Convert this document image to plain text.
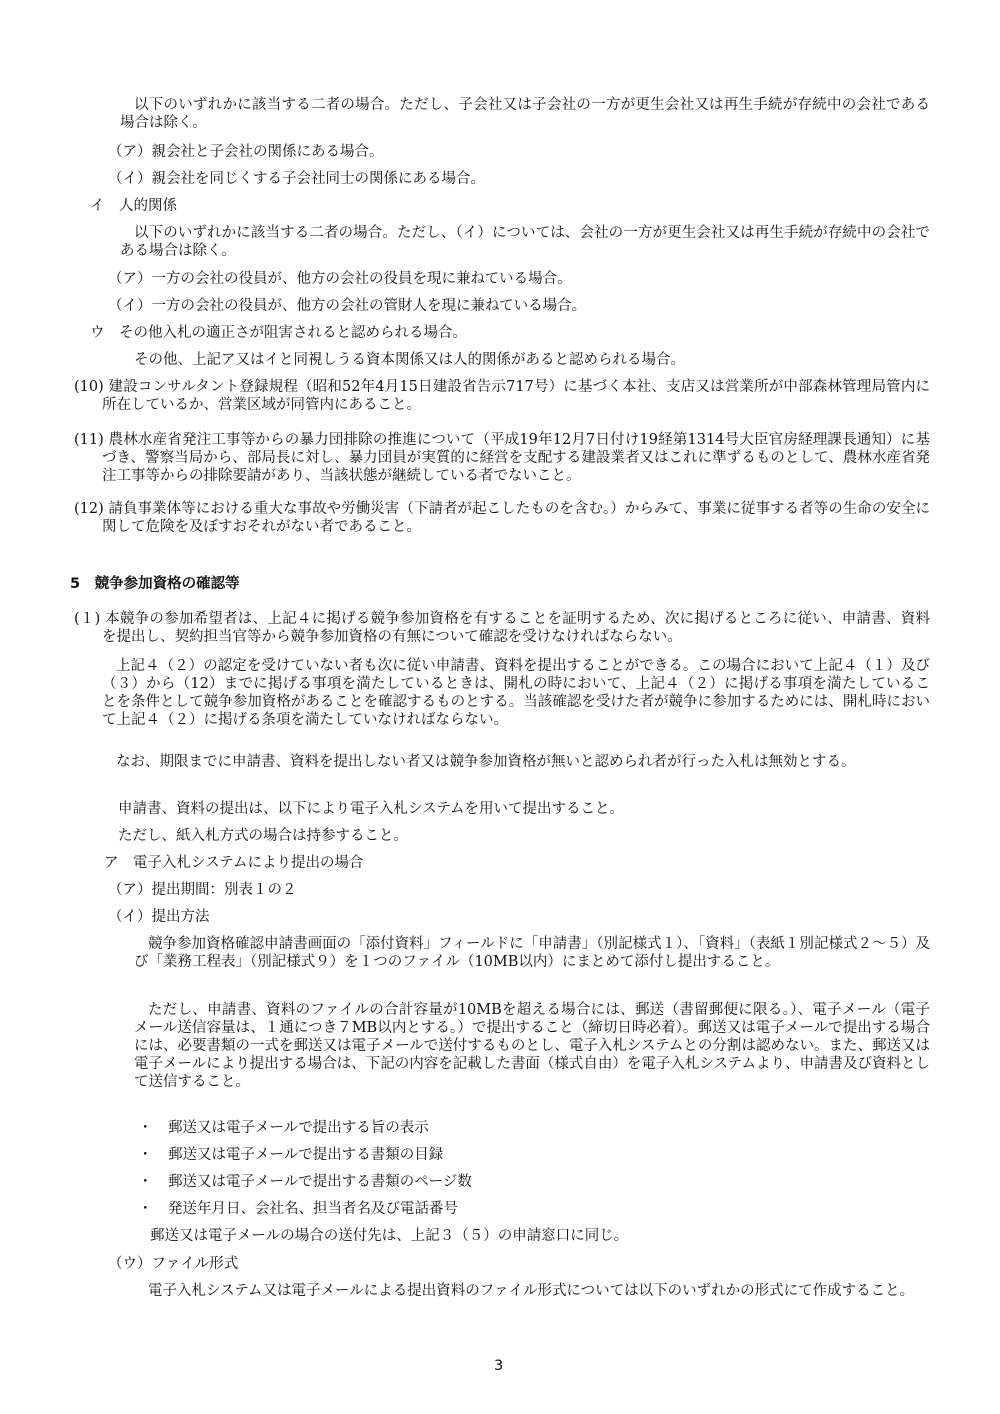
以下のいずれかに該当する二者の場合。ただし、子会社又は子会社の一方が更生会社又は再生手続が存続中の会社である場合は除く。

（ア）親会社と子会社の関係にある場合。

（イ）親会社を同じくする子会社同士の関係にある場合。

イ　人的関係

以下のいずれかに該当する二者の場合。ただし、（イ）については、会社の一方が更生会社又は再生手続が存続中の会社である場合は除く。

（ア）一方の会社の役員が、他方の会社の役員を現に兼ねている場合。

（イ）一方の会社の役員が、他方の会社の管財人を現に兼ねている場合。

ウ　その他入札の適正さが阻害されると認められる場合。

その他、上記ア又はイと同視しうる資本関係又は人的関係があると認められる場合。

(10) 建設コンサルタント登録規程（昭和52年4月15日建設省告示717号）に基づく本社、支店又は営業所が中部森林管理局管内に所在しているか、営業区域が同管内にあること。

(11) 農林水産省発注工事等からの暴力団排除の推進について（平成19年12月7日付け19経第1314号大臣官房経理課長通知）に基づき、警察当局から、部局長に対し、暴力団員が実質的に経営を支配する建設業者又はこれに準ずるものとして、農林水産省発注工事等からの排除要請があり、当該状態が継続している者でないこと。

(12) 請負事業体等における重大な事故や労働災害（下請者が起こしたものを含む。）からみて、事業に従事する者等の生命の安全に関して危険を及ぼすおそれがない者であること。

5　競争参加資格の確認等

(１) 本競争の参加希望者は、上記４に掲げる競争参加資格を有することを証明するため、次に掲げるところに従い、申請書、資料を提出し、契約担当官等から競争参加資格の有無について確認を受けなければならない。

上記４（２）の認定を受けていない者も次に従い申請書、資料を提出することができる。この場合において上記４（１）及び（３）から（12）までに掲げる事項を満たしているときは、開札の時において、上記４（２）に掲げる事項を満たしていることを条件として競争参加資格があることを確認するものとする。当該確認を受けた者が競争に参加するためには、開札時において上記４（２）に掲げる条項を満たしていなければならない。

なお、期限までに申請書、資料を提出しない者又は競争参加資格が無いと認められ者が行った入札は無効とする。

申請書、資料の提出は、以下により電子入札システムを用いて提出すること。

ただし、紙入札方式の場合は持参すること。

ア　電子入札システムにより提出の場合

（ア）提出期間：別表１の２

（イ）提出方法

競争参加資格確認申請書画面の「添付資料」フィールドに「申請書」（別記様式１）、「資料」（表紙１別記様式２～５）及び「業務工程表」（別記様式９）を１つのファイル（10MB以内）にまとめて添付し提出すること。

ただし、申請書、資料のファイルの合計容量が10MBを超える場合には、郵送（書留郵便に限る。）、電子メール（電子メール送信容量は、１通につき７MB以内とする。）で提出すること（締切日時必着）。郵送又は電子メールで提出する場合には、必要書類の一式を郵送又は電子メールで送付するものとし、電子入札システムとの分割は認めない。また、郵送又は電子メールにより提出する場合は、下記の内容を記載した書面（様式自由）を電子入札システムより、申請書及び資料として送信すること。

・ 郵送又は電子メールで提出する旨の表示
・ 郵送又は電子メールで提出する書類の目録
・ 郵送又は電子メールで提出する書類のページ数
・ 発送年月日、会社名、担当者名及び電話番号

郵送又は電子メールの場合の送付先は、上記３（５）の申請窓口に同じ。

（ウ）ファイル形式

電子入札システム又は電子メールによる提出資料のファイル形式については以下のいずれかの形式にて作成すること。

3
